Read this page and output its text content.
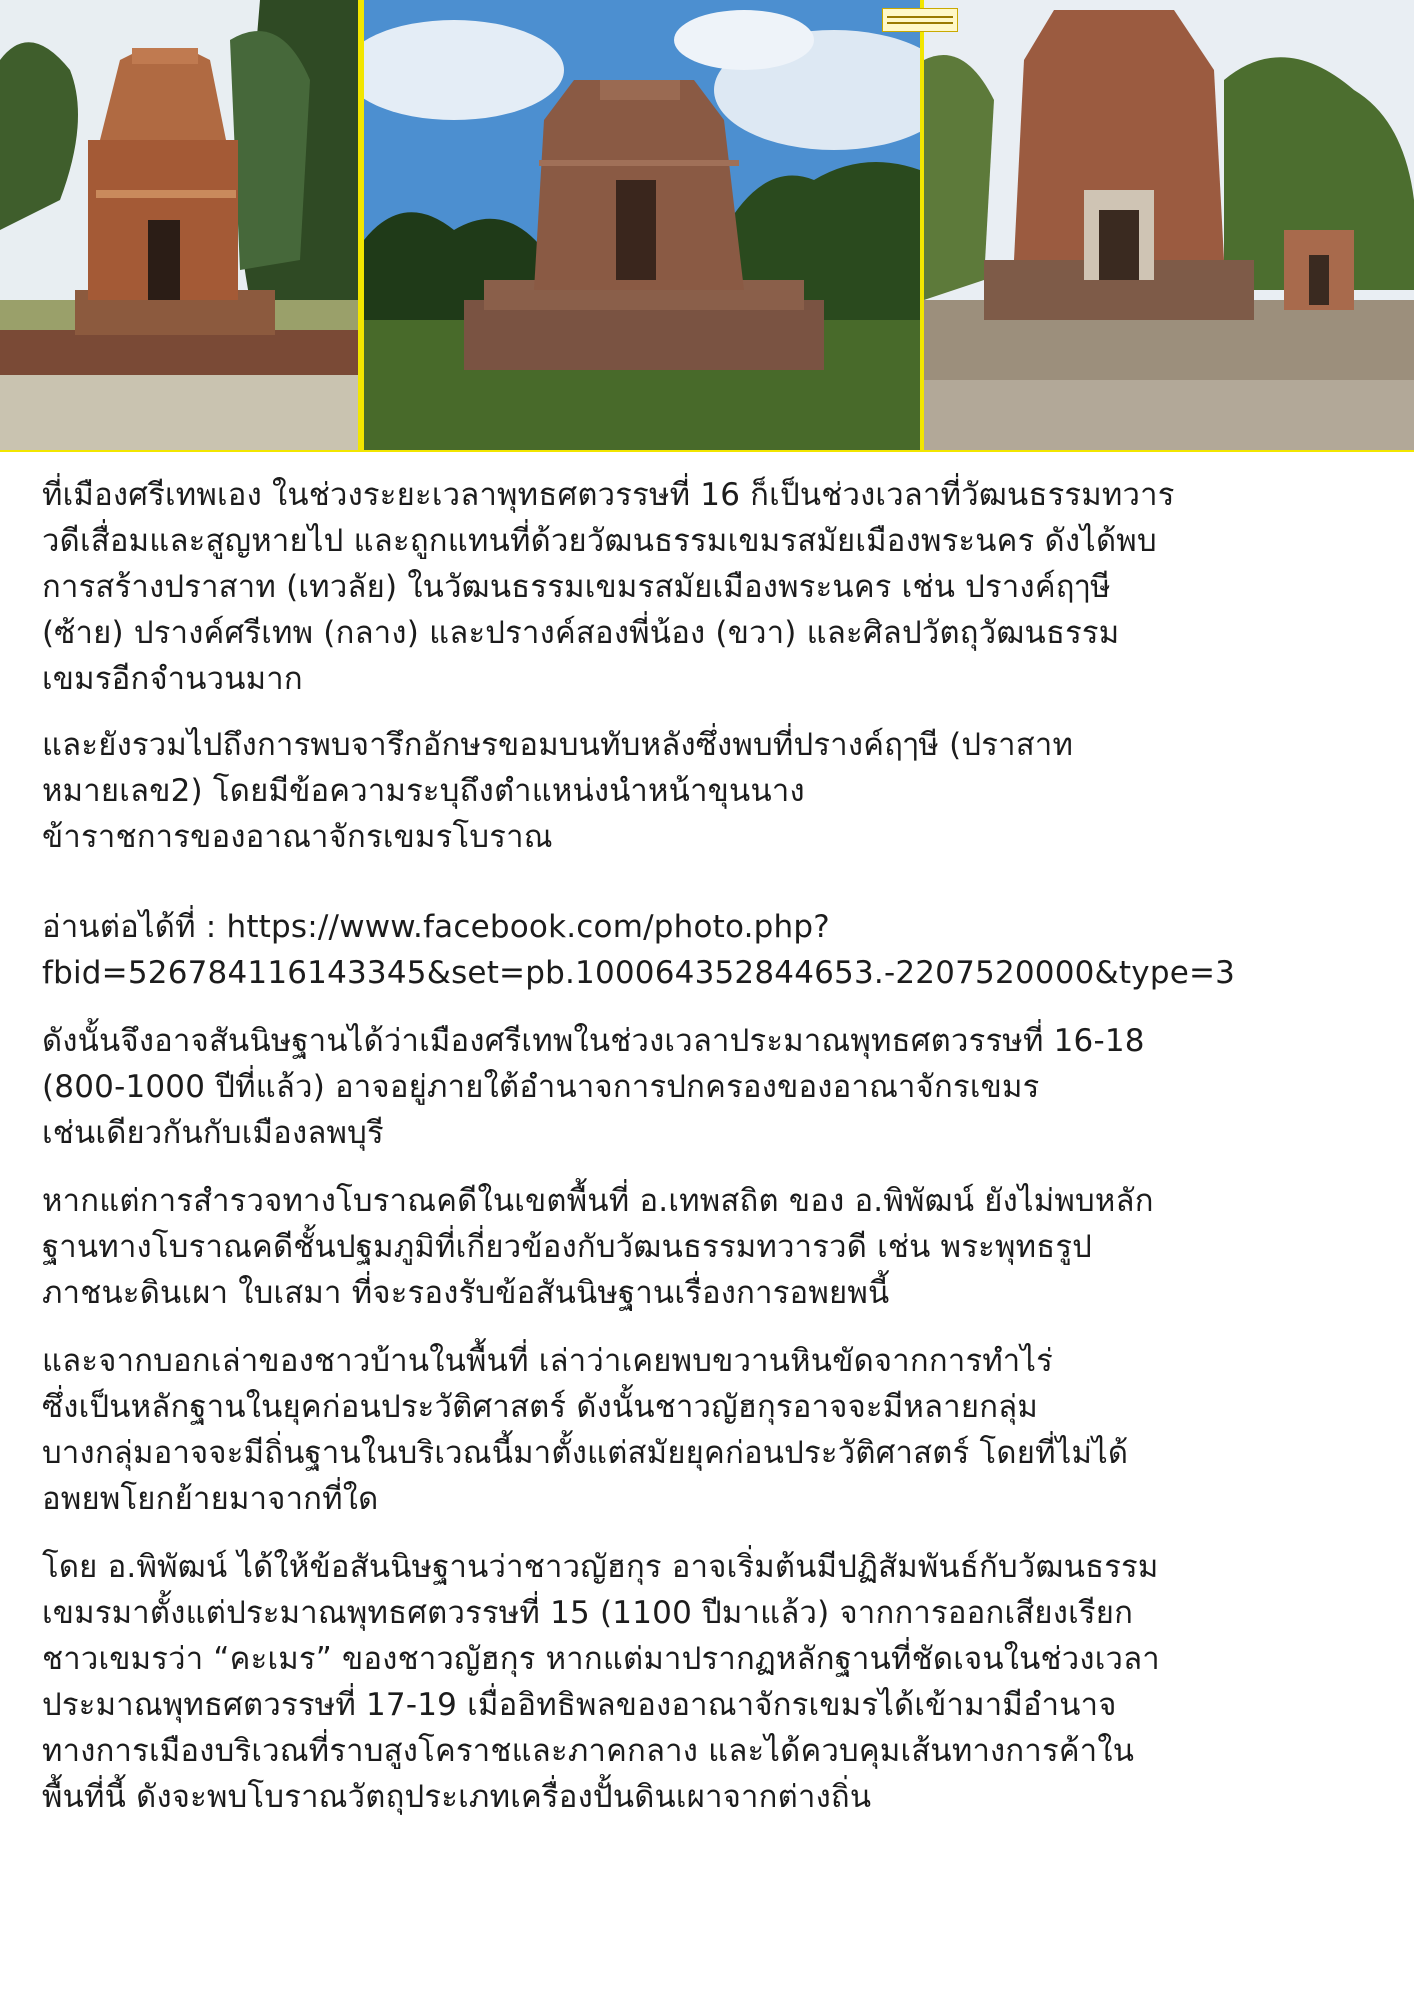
ที่เมืองศรีเทพเอง ในช่วงระยะเวลาพุทธศตวรรษที่ 16 ก็เป็นช่วงเวลาที่วัฒนธรรมทวาร
วดีเสื่อมและสูญหายไป และถูกแทนที่ด้วยวัฒนธรรมเขมรสมัยเมืองพระนคร ดังได้พบ
การสร้างปราสาท (เทวลัย) ในวัฒนธรรมเขมรสมัยเมืองพระนคร เช่น ปรางค์ฤๅษี
(ซ้าย) ปรางค์ศรีเทพ (กลาง) และปรางค์สองพี่น้อง (ขวา) และศิลปวัตถุวัฒนธรรม
เขมรอีกจำนวนมาก

และยังรวมไปถึงการพบจารึกอักษรขอมบนทับหลังซึ่งพบที่ปรางค์ฤๅษี (ปราสาท
หมายเลข2) โดยมีข้อความระบุถึงตำแหน่งนำหน้าขุนนาง
ข้าราชการของอาณาจักรเขมรโบราณ

อ่านต่อได้ที่ : https://www.facebook.com/photo.php?
fbid=526784116143345&set=pb.100064352844653.-2207520000&type=3

ดังนั้นจึงอาจสันนิษฐานได้ว่าเมืองศรีเทพในช่วงเวลาประมาณพุทธศตวรรษที่ 16-18
(800-1000 ปีที่แล้ว) อาจอยู่ภายใต้อำนาจการปกครองของอาณาจักรเขมร
เช่นเดียวกันกับเมืองลพบุรี

หากแต่การสำรวจทางโบราณคดีในเขตพื้นที่ อ.เทพสถิต ของ อ.พิพัฒน์ ยังไม่พบหลัก
ฐานทางโบราณคดีชั้นปฐมภูมิที่เกี่ยวข้องกับวัฒนธรรมทวารวดี เช่น พระพุทธรูป
ภาชนะดินเผา ใบเสมา ที่จะรองรับข้อสันนิษฐานเรื่องการอพยพนี้

และจากบอกเล่าของชาวบ้านในพื้นที่ เล่าว่าเคยพบขวานหินขัดจากการทำไร่
ซึ่งเป็นหลักฐานในยุคก่อนประวัติศาสตร์ ดังนั้นชาวญัฮกุรอาจจะมีหลายกลุ่ม
บางกลุ่มอาจจะมีถิ่นฐานในบริเวณนี้มาตั้งแต่สมัยยุคก่อนประวัติศาสตร์ โดยที่ไม่ได้
อพยพโยกย้ายมาจากที่ใด

โดย อ.พิพัฒน์ ได้ให้ข้อสันนิษฐานว่าชาวญัฮกุร อาจเริ่มต้นมีปฏิสัมพันธ์กับวัฒนธรรม
เขมรมาตั้งแต่ประมาณพุทธศตวรรษที่ 15 (1100 ปีมาแล้ว) จากการออกเสียงเรียก
ชาวเขมรว่า “คะเมร” ของชาวญัฮกุร หากแต่มาปรากฏหลักฐานที่ชัดเจนในช่วงเวลา
ประมาณพุทธศตวรรษที่ 17-19 เมื่ออิทธิพลของอาณาจักรเขมรได้เข้ามามีอำนาจ
ทางการเมืองบริเวณที่ราบสูงโคราชและภาคกลาง และได้ควบคุมเส้นทางการค้าใน
พื้นที่นี้ ดังจะพบโบราณวัตถุประเภทเครื่องปั้นดินเผาจากต่างถิ่น
